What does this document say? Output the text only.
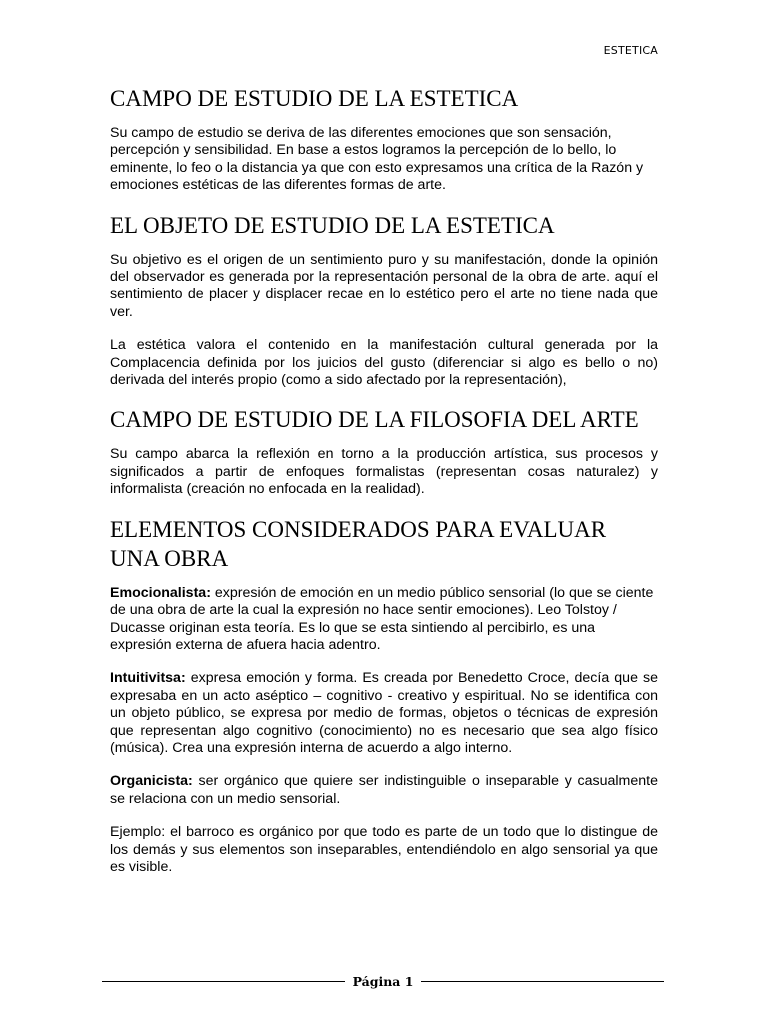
ESTETICA
CAMPO DE ESTUDIO DE LA ESTETICA

Su campo de estudio se deriva de las diferentes emociones que son sensación, percepción y sensibilidad. En base a estos logramos la percepción de lo bello, lo eminente, lo feo o la distancia ya que con esto expresamos una crítica de la Razón y emociones estéticas de las diferentes formas de arte.

EL OBJETO DE ESTUDIO DE LA ESTETICA

Su objetivo es el origen de un sentimiento puro y su manifestación, donde la opinión del observador es generada por la representación personal de la obra de arte. aquí el sentimiento de placer y displacer recae en lo estético pero el arte no tiene nada que ver.

La estética valora el contenido en la manifestación cultural generada por la Complacencia definida por los juicios del gusto (diferenciar si algo es bello o no) derivada del interés propio (como a sido afectado por la representación),

CAMPO DE ESTUDIO DE LA FILOSOFIA DEL ARTE

Su campo abarca la reflexión en torno a la producción artística, sus procesos y significados a partir de enfoques formalistas (representan cosas naturalez) y informalista (creación no enfocada en la realidad).

ELEMENTOS CONSIDERADOS PARA EVALUAR UNA OBRA

Emocionalista: expresión de emoción en un medio público sensorial (lo que se ciente de una obra de arte la cual la expresión no hace sentir emociones). Leo Tolstoy / Ducasse originan esta teoría. Es lo que se esta sintiendo al percibirlo, es una expresión externa de afuera hacia adentro.

Intuitivitsa: expresa emoción y forma. Es creada por Benedetto Croce, decía que se expresaba en un acto aséptico – cognitivo - creativo y espiritual. No se identifica con un objeto público, se expresa por medio de formas, objetos o técnicas de expresión que representan algo cognitivo (conocimiento) no es necesario que sea algo físico (música). Crea una expresión interna de acuerdo a algo interno.

Organicista: ser orgánico que quiere ser indistinguible o inseparable y casualmente se relaciona con un medio sensorial.

Ejemplo: el barroco es orgánico por que todo es parte de un todo que lo distingue de los demás y sus elementos son inseparables, entendiéndolo en algo sensorial ya que es visible.

Página 1
